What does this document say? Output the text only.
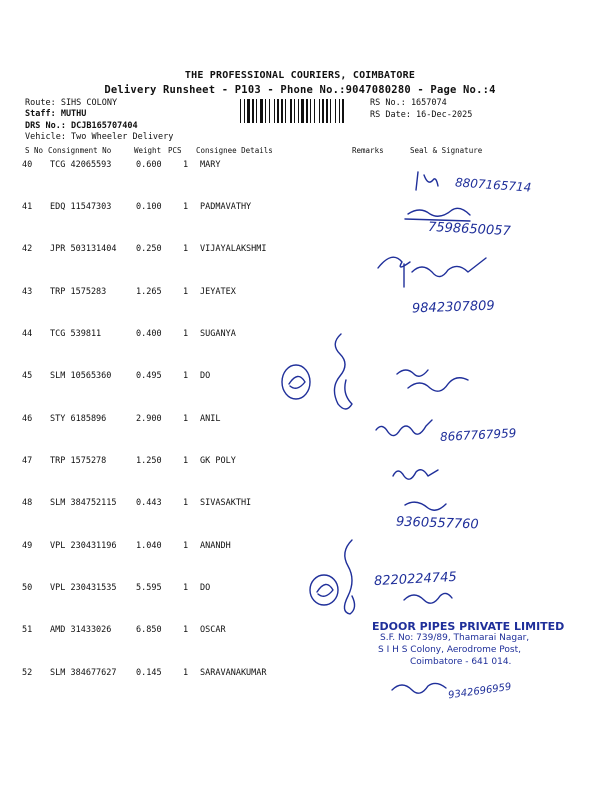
THE PROFESSIONAL COURIERS, COIMBATORE
Delivery Runsheet - P103 - Phone No.:9047080280 - Page No.:4
Route: SIHS COLONY
Staff: MUTHU
DRS No.: DCJB165707404
Vehicle: Two Wheeler Delivery
RS No.: 1657074
RS Date: 16-Dec-2025
S No Consignment No	Weight PCS Consignee Details	Remarks	Seal & Signature
40 TCG 42065593	0.600	1 MARY
41 EDQ 11547303	0.100	1 PADMAVATHY
42 JPR 503131404 0.250	1 VIJAYALAKSHMI
43 TRP 1575283	1.265	1 JEYATEX
44 TCG 539811	0.400	1 SUGANYA
45 SLM 10565360	0.495	1 DO
46 STY 6185896	2.900	1 ANIL
47 TRP 1575278	1.250	1 GK POLY
48 SLM 384752115 0.443	1 SIVASAKTHI
49 VPL 230431196 1.040	1 ANANDH
50 VPL 230431535 5.595	1 DO
51 AMD 31433026	6.850	1 OSCAR
52 SLM 384677627 0.145	1 SARAVANAKUMAR
8807165714
7598650057
9842307809
8667767959
9360557760
8220224745
9342696959
EDOOR PIPES PRIVATE LIMITED
S.F. No: 739/89, Thamarai Nagar,
S I H S Colony, Aerodrome Post,
Coimbatore - 641 014.
